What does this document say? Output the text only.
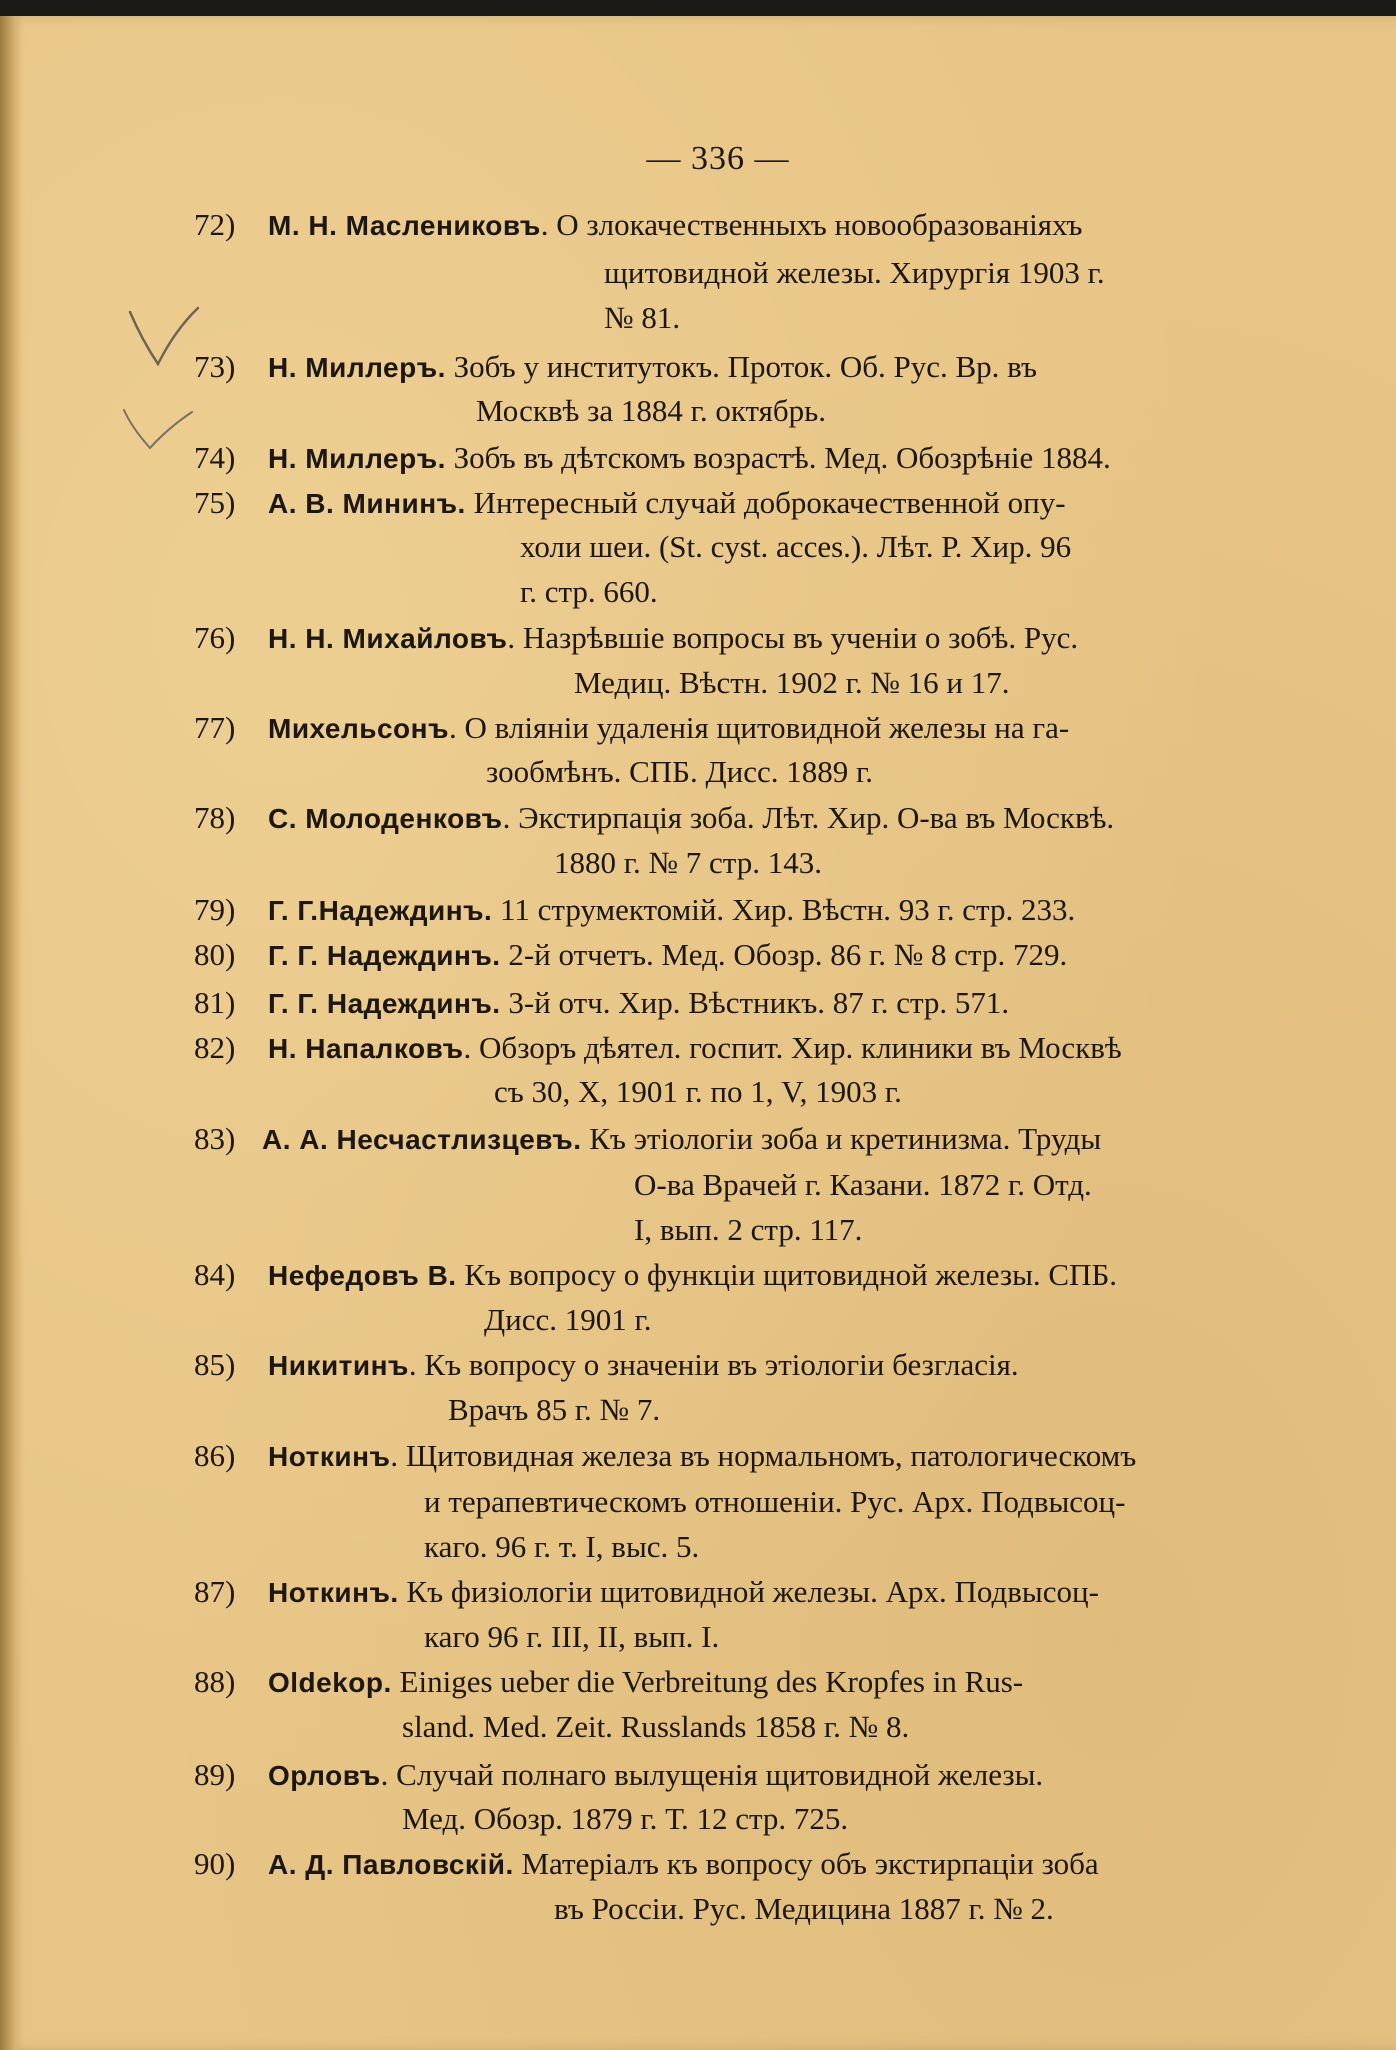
— 336 —
72) М. Н. Маслениковъ. О злокачественныхъ новообразованіяхъ
щитовидной железы. Хирургія 1903 г.
№ 81.
73) Н. Миллеръ. Зобъ у институтокъ. Проток. Об. Рус. Вр. въ
Москвѣ за 1884 г. октябрь.
74) Н. Миллеръ. Зобъ въ дѣтскомъ возрастѣ. Мед. Обозрѣніе 1884.
75) А. В. Мининъ. Интересный случай доброкачественной опу-
холи шеи. (St. cyst. acces.). Лѣт. Р. Хир. 96
г. стр. 660.
76) Н. Н. Михайловъ. Назрѣвшіе вопросы въ ученіи о зобѣ. Рус.
Медиц. Вѣстн. 1902 г. № 16 и 17.
77) Михельсонъ. О вліяніи удаленія щитовидной железы на га-
зообмѣнъ. СПБ. Дисс. 1889 г.
78) С. Молоденковъ. Экстирпація зоба. Лѣт. Хир. О-ва въ Москвѣ.
1880 г. № 7 стр. 143.
79) Г. Г.Надеждинъ. 11 струмектомій. Хир. Вѣстн. 93 г. стр. 233.
80) Г. Г. Надеждинъ. 2-й отчетъ. Мед. Обозр. 86 г. № 8 стр. 729.
81) Г. Г. Надеждинъ. 3-й отч. Хир. Вѣстникъ. 87 г. стр. 571.
82) Н. Напалковъ. Обзоръ дѣятел. госпит. Хир. клиники въ Москвѣ
съ 30, X, 1901 г. по 1, V, 1903 г.
83) А. А. Несчастлизцевъ. Къ этіологіи зоба и кретинизма. Труды
О-ва Врачей г. Казани. 1872 г. Отд.
I, вып. 2 стр. 117.
84) Нефедовъ В. Къ вопросу о функціи щитовидной железы. СПБ.
Дисс. 1901 г.
85) Никитинъ. Къ вопросу о значеніи въ этіологіи безгласія.
Врачъ 85 г. № 7.
86) Ноткинъ. Щитовидная железа въ нормальномъ, патологическомъ
и терапевтическомъ отношеніи. Рус. Арх. Подвысоц-
каго. 96 г. т. I, выс. 5.
87) Ноткинъ. Къ физіологіи щитовидной железы. Арх. Подвысоц-
каго 96 г. III, II, вып. I.
88) Oldekop. Einiges ueber die Verbreitung des Kropfes in Rus-
sland. Med. Zeit. Russlands 1858 г. № 8.
89) Орловъ. Случай полнаго вылущенія щитовидной железы.
Мед. Обозр. 1879 г. Т. 12 стр. 725.
90) А. Д. Павловскій. Матеріалъ къ вопросу объ экстирпаціи зоба
въ Россіи. Рус. Медицина 1887 г. № 2.
